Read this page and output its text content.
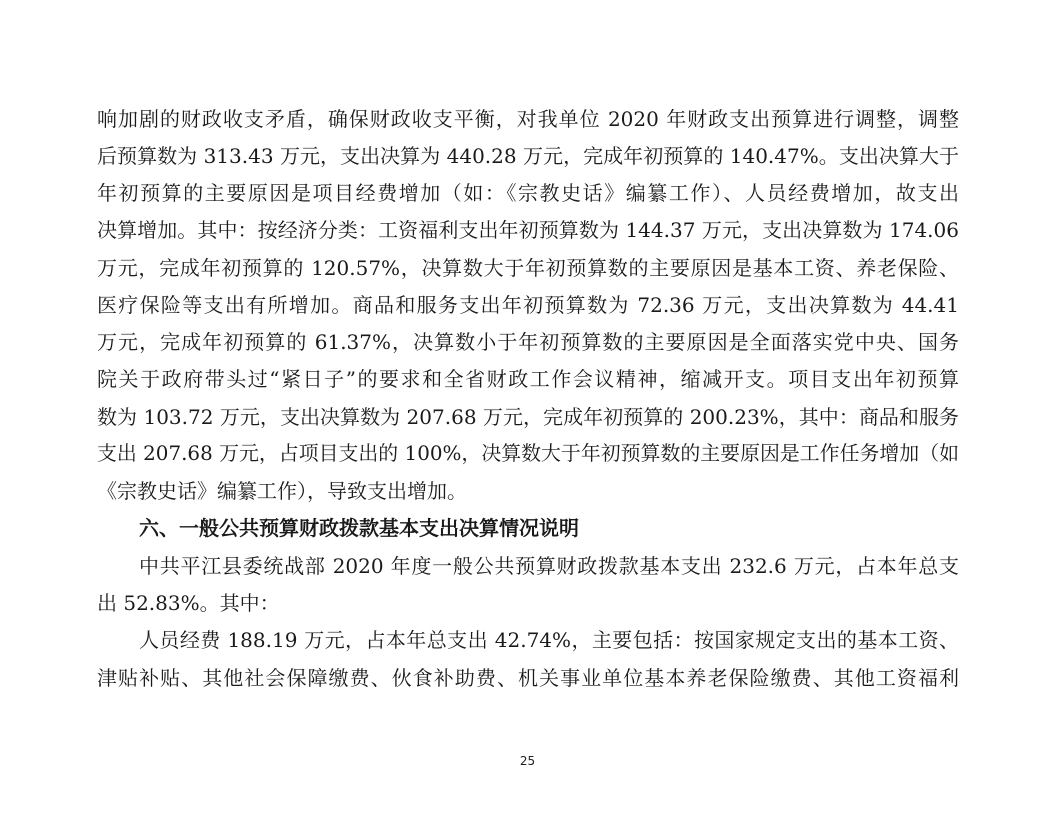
响加剧的财政收支矛盾，确保财政收支平衡，对我单位 2020 年财政支出预算进行调整，调整
后预算数为 313.43 万元，支出决算为 440.28 万元，完成年初预算的 140.47%。支出决算大于
年初预算的主要原因是项目经费增加（如：《宗教史话》编纂工作）、人员经费增加，故支出
决算增加。其中：按经济分类：工资福利支出年初预算数为 144.37 万元，支出决算数为 174.06
万元，完成年初预算的 120.57%，决算数大于年初预算数的主要原因是基本工资、养老保险、
医疗保险等支出有所增加。商品和服务支出年初预算数为 72.36 万元，支出决算数为 44.41
万元，完成年初预算的 61.37%，决算数小于年初预算数的主要原因是全面落实党中央、国务
院关于政府带头过“紧日子”的要求和全省财政工作会议精神，缩减开支。项目支出年初预算
数为 103.72 万元，支出决算数为 207.68 万元，完成年初预算的 200.23%，其中：商品和服务
支出 207.68 万元，占项目支出的 100%，决算数大于年初预算数的主要原因是工作任务增加（如
《宗教史话》编纂工作），导致支出增加。
六、一般公共预算财政拨款基本支出决算情况说明
中共平江县委统战部 2020 年度一般公共预算财政拨款基本支出 232.6 万元，占本年总支
出 52.83%。其中：
人员经费 188.19 万元，占本年总支出 42.74%，主要包括：按国家规定支出的基本工资、
津贴补贴、其他社会保障缴费、伙食补助费、机关事业单位基本养老保险缴费、其他工资福利
25
